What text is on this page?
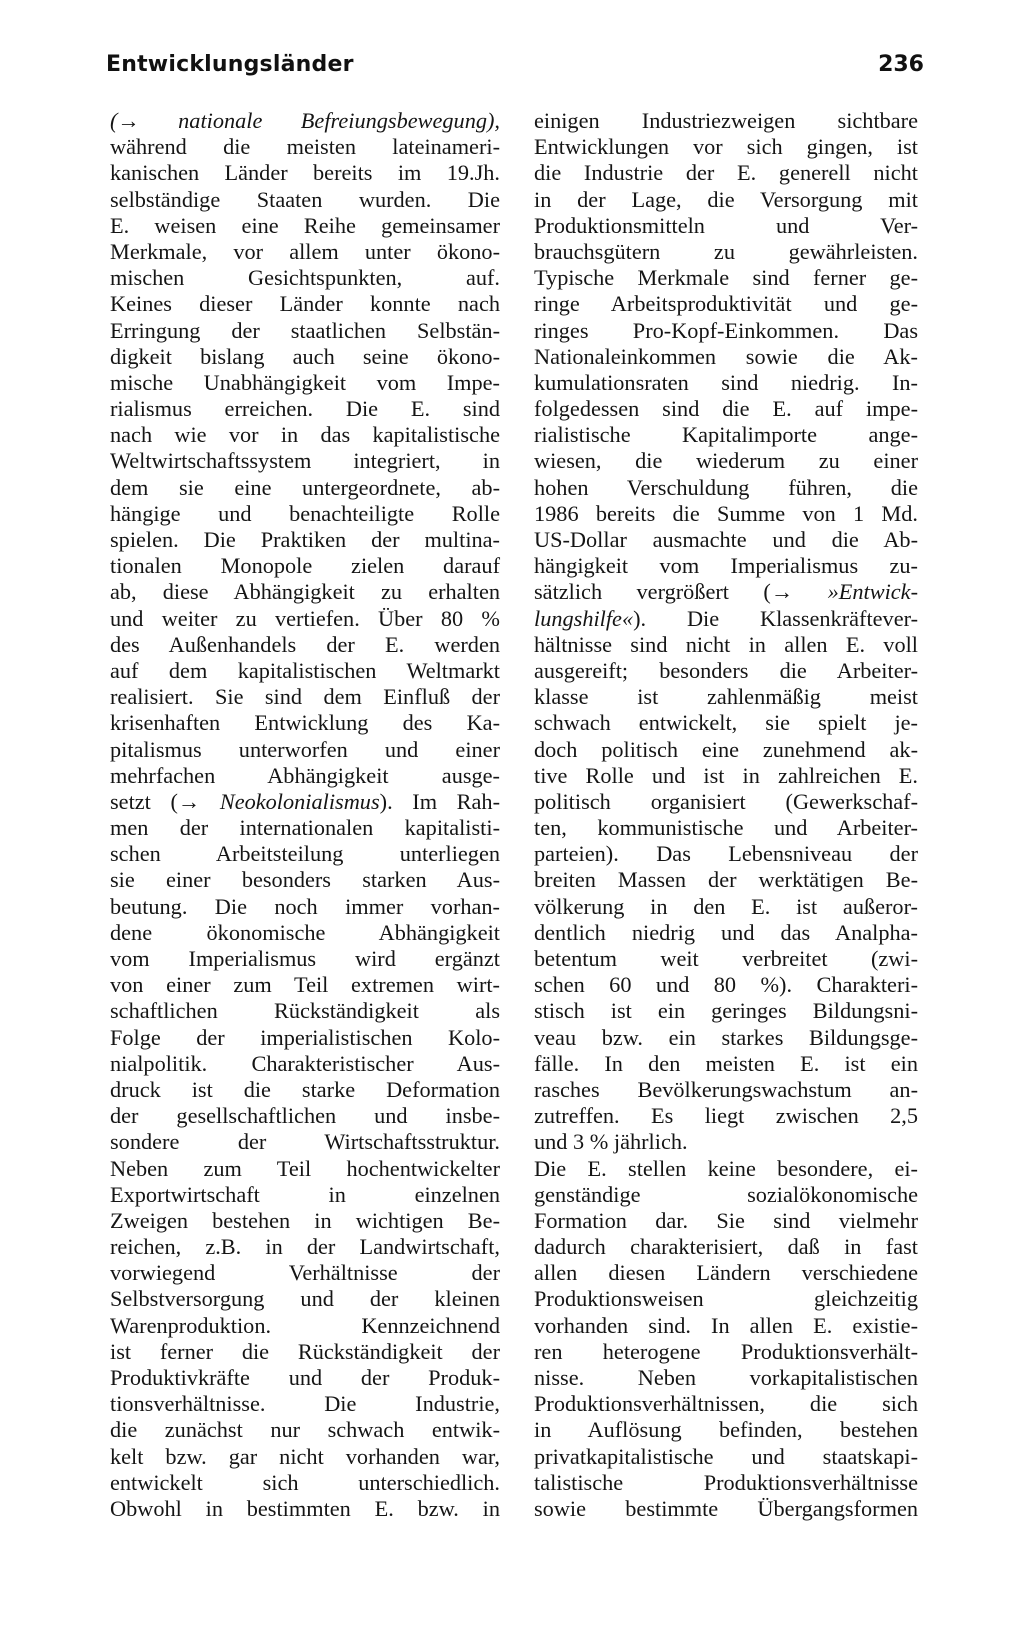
Entwicklungsländer	236
(→ nationale Befreiungsbewegung),
während die meisten lateinameri-
kanischen Länder bereits im 19.Jh.
selbständige Staaten wurden. Die
E. weisen eine Reihe gemeinsamer
Merkmale, vor allem unter ökono-
mischen Gesichtspunkten, auf.
Keines dieser Länder konnte nach
Erringung der staatlichen Selbstän-
digkeit bislang auch seine ökono-
mische Unabhängigkeit vom Impe-
rialismus erreichen. Die E. sind
nach wie vor in das kapitalistische
Weltwirtschaftssystem integriert, in
dem sie eine untergeordnete, ab-
hängige und benachteiligte Rolle
spielen. Die Praktiken der multina-
tionalen Monopole zielen darauf
ab, diese Abhängigkeit zu erhalten
und weiter zu vertiefen. Über 80 %
des Außenhandels der E. werden
auf dem kapitalistischen Weltmarkt
realisiert. Sie sind dem Einfluß der
krisenhaften Entwicklung des Ka-
pitalismus unterworfen und einer
mehrfachen Abhängigkeit ausge-
setzt (→ Neokolonialismus). Im Rah-
men der internationalen kapitalisti-
schen Arbeitsteilung unterliegen
sie einer besonders starken Aus-
beutung. Die noch immer vorhan-
dene ökonomische Abhängigkeit
vom Imperialismus wird ergänzt
von einer zum Teil extremen wirt-
schaftlichen Rückständigkeit als
Folge der imperialistischen Kolo-
nialpolitik. Charakteristischer Aus-
druck ist die starke Deformation
der gesellschaftlichen und insbe-
sondere der Wirtschaftsstruktur.
Neben zum Teil hochentwickelter
Exportwirtschaft in einzelnen
Zweigen bestehen in wichtigen Be-
reichen, z.B. in der Landwirtschaft,
vorwiegend Verhältnisse der
Selbstversorgung und der kleinen
Warenproduktion. Kennzeichnend
ist ferner die Rückständigkeit der
Produktivkräfte und der Produk-
tionsverhältnisse. Die Industrie,
die zunächst nur schwach entwik-
kelt bzw. gar nicht vorhanden war,
entwickelt sich unterschiedlich.
Obwohl in bestimmten E. bzw. in
einigen Industriezweigen sichtbare
Entwicklungen vor sich gingen, ist
die Industrie der E. generell nicht
in der Lage, die Versorgung mit
Produktionsmitteln und Ver-
brauchsgütern zu gewährleisten.
Typische Merkmale sind ferner ge-
ringe Arbeitsproduktivität und ge-
ringes Pro-Kopf-Einkommen. Das
Nationaleinkommen sowie die Ak-
kumulationsraten sind niedrig. In-
folgedessen sind die E. auf impe-
rialistische Kapitalimporte ange-
wiesen, die wiederum zu einer
hohen Verschuldung führen, die
1986 bereits die Summe von 1 Md.
US-Dollar ausmachte und die Ab-
hängigkeit vom Imperialismus zu-
sätzlich vergrößert (→ »Entwick-
lungshilfe«). Die Klassenkräftever-
hältnisse sind nicht in allen E. voll
ausgereift; besonders die Arbeiter-
klasse ist zahlenmäßig meist
schwach entwickelt, sie spielt je-
doch politisch eine zunehmend ak-
tive Rolle und ist in zahlreichen E.
politisch organisiert (Gewerkschaf-
ten, kommunistische und Arbeiter-
parteien). Das Lebensniveau der
breiten Massen der werktätigen Be-
völkerung in den E. ist außeror-
dentlich niedrig und das Analpha-
betentum weit verbreitet (zwi-
schen 60 und 80 %). Charakteri-
stisch ist ein geringes Bildungsni-
veau bzw. ein starkes Bildungsge-
fälle. In den meisten E. ist ein
rasches Bevölkerungswachstum an-
zutreffen. Es liegt zwischen 2,5
und 3 % jährlich.
Die E. stellen keine besondere, ei-
genständige sozialökonomische
Formation dar. Sie sind vielmehr
dadurch charakterisiert, daß in fast
allen diesen Ländern verschiedene
Produktionsweisen gleichzeitig
vorhanden sind. In allen E. existie-
ren heterogene Produktionsverhält-
nisse. Neben vorkapitalistischen
Produktionsverhältnissen, die sich
in Auflösung befinden, bestehen
privatkapitalistische und staatskapi-
talistische Produktionsverhältnisse
sowie bestimmte Übergangsformen
